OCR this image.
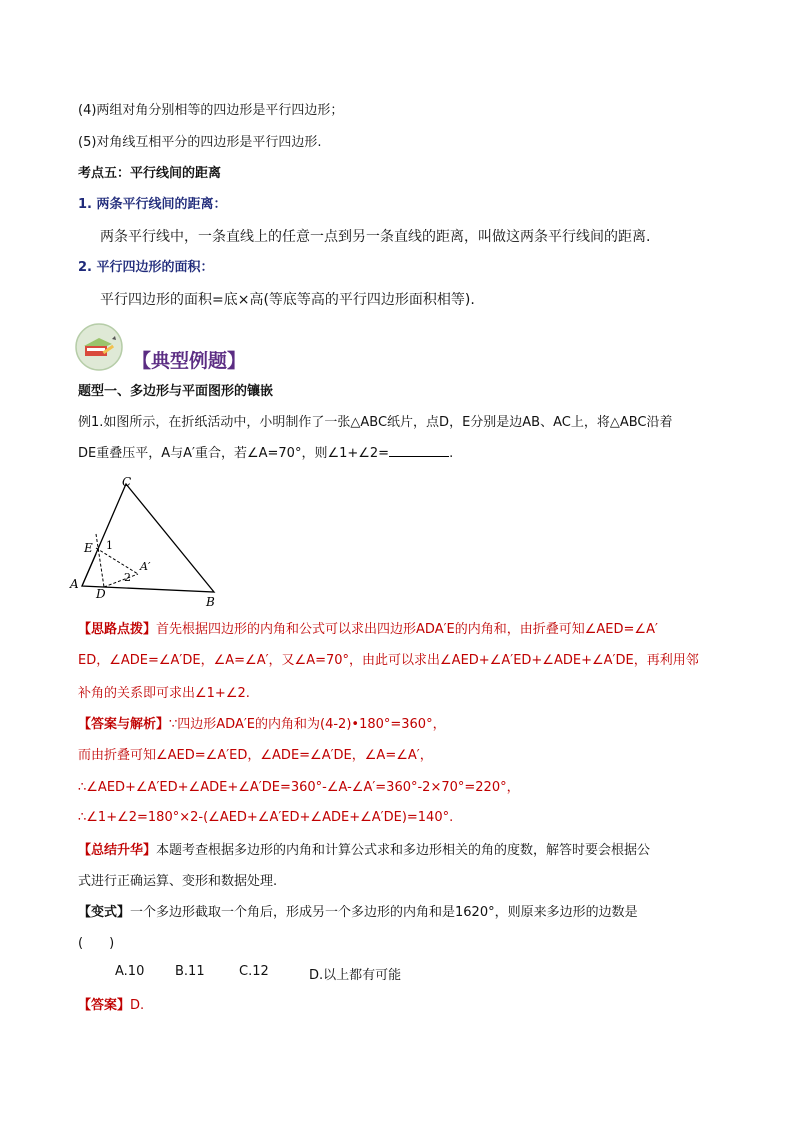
(4)两组对角分别相等的四边形是平行四边形；
(5)对角线互相平分的四边形是平行四边形.
考点五：平行线间的距离
1. 两条平行线间的距离：
两条平行线中，一条直线上的任意一点到另一条直线的距离，叫做这两条平行线间的距离.
2. 平行四边形的面积：
平行四边形的面积=底×高(等底等高的平行四边形面积相等).
【典型例题】
题型一、多边形与平面图形的镶嵌
例1.如图所示，在折纸活动中，小明制作了一张△ABC纸片，点D，E分别是边AB、AC上，将△ABC沿着
DE重叠压平，A与A′重合，若∠A=70°，则∠1+∠2=	.
C
E 1
A′
A
D
2
B
【思路点拨】首先根据四边形的内角和公式可以求出四边形ADA′E的内角和，由折叠可知∠AED=∠A′
ED，∠ADE=∠A′DE，∠A=∠A′，又∠A=70°，由此可以求出∠AED+∠A′ED+∠ADE+∠A′DE，再利用邻
补角的关系即可求出∠1+∠2.
【答案与解析】∵四边形ADA′E的内角和为(4-2)•180°=360°，
而由折叠可知∠AED=∠A′ED，∠ADE=∠A′DE，∠A=∠A′，
∴∠AED+∠A′ED+∠ADE+∠A′DE=360°-∠A-∠A′=360°-2×70°=220°，
∴∠1+∠2=180°×2-(∠AED+∠A′ED+∠ADE+∠A′DE)=140°.
【总结升华】本题考查根据多边形的内角和计算公式求和多边形相关的角的度数，解答时要会根据公
式进行正确运算、变形和数据处理.
【变式】一个多边形截取一个角后，形成另一个多边形的内角和是1620°，则原来多边形的边数是
(　　)
A.10	B.11	C.12	D.以上都有可能
【答案】D.
